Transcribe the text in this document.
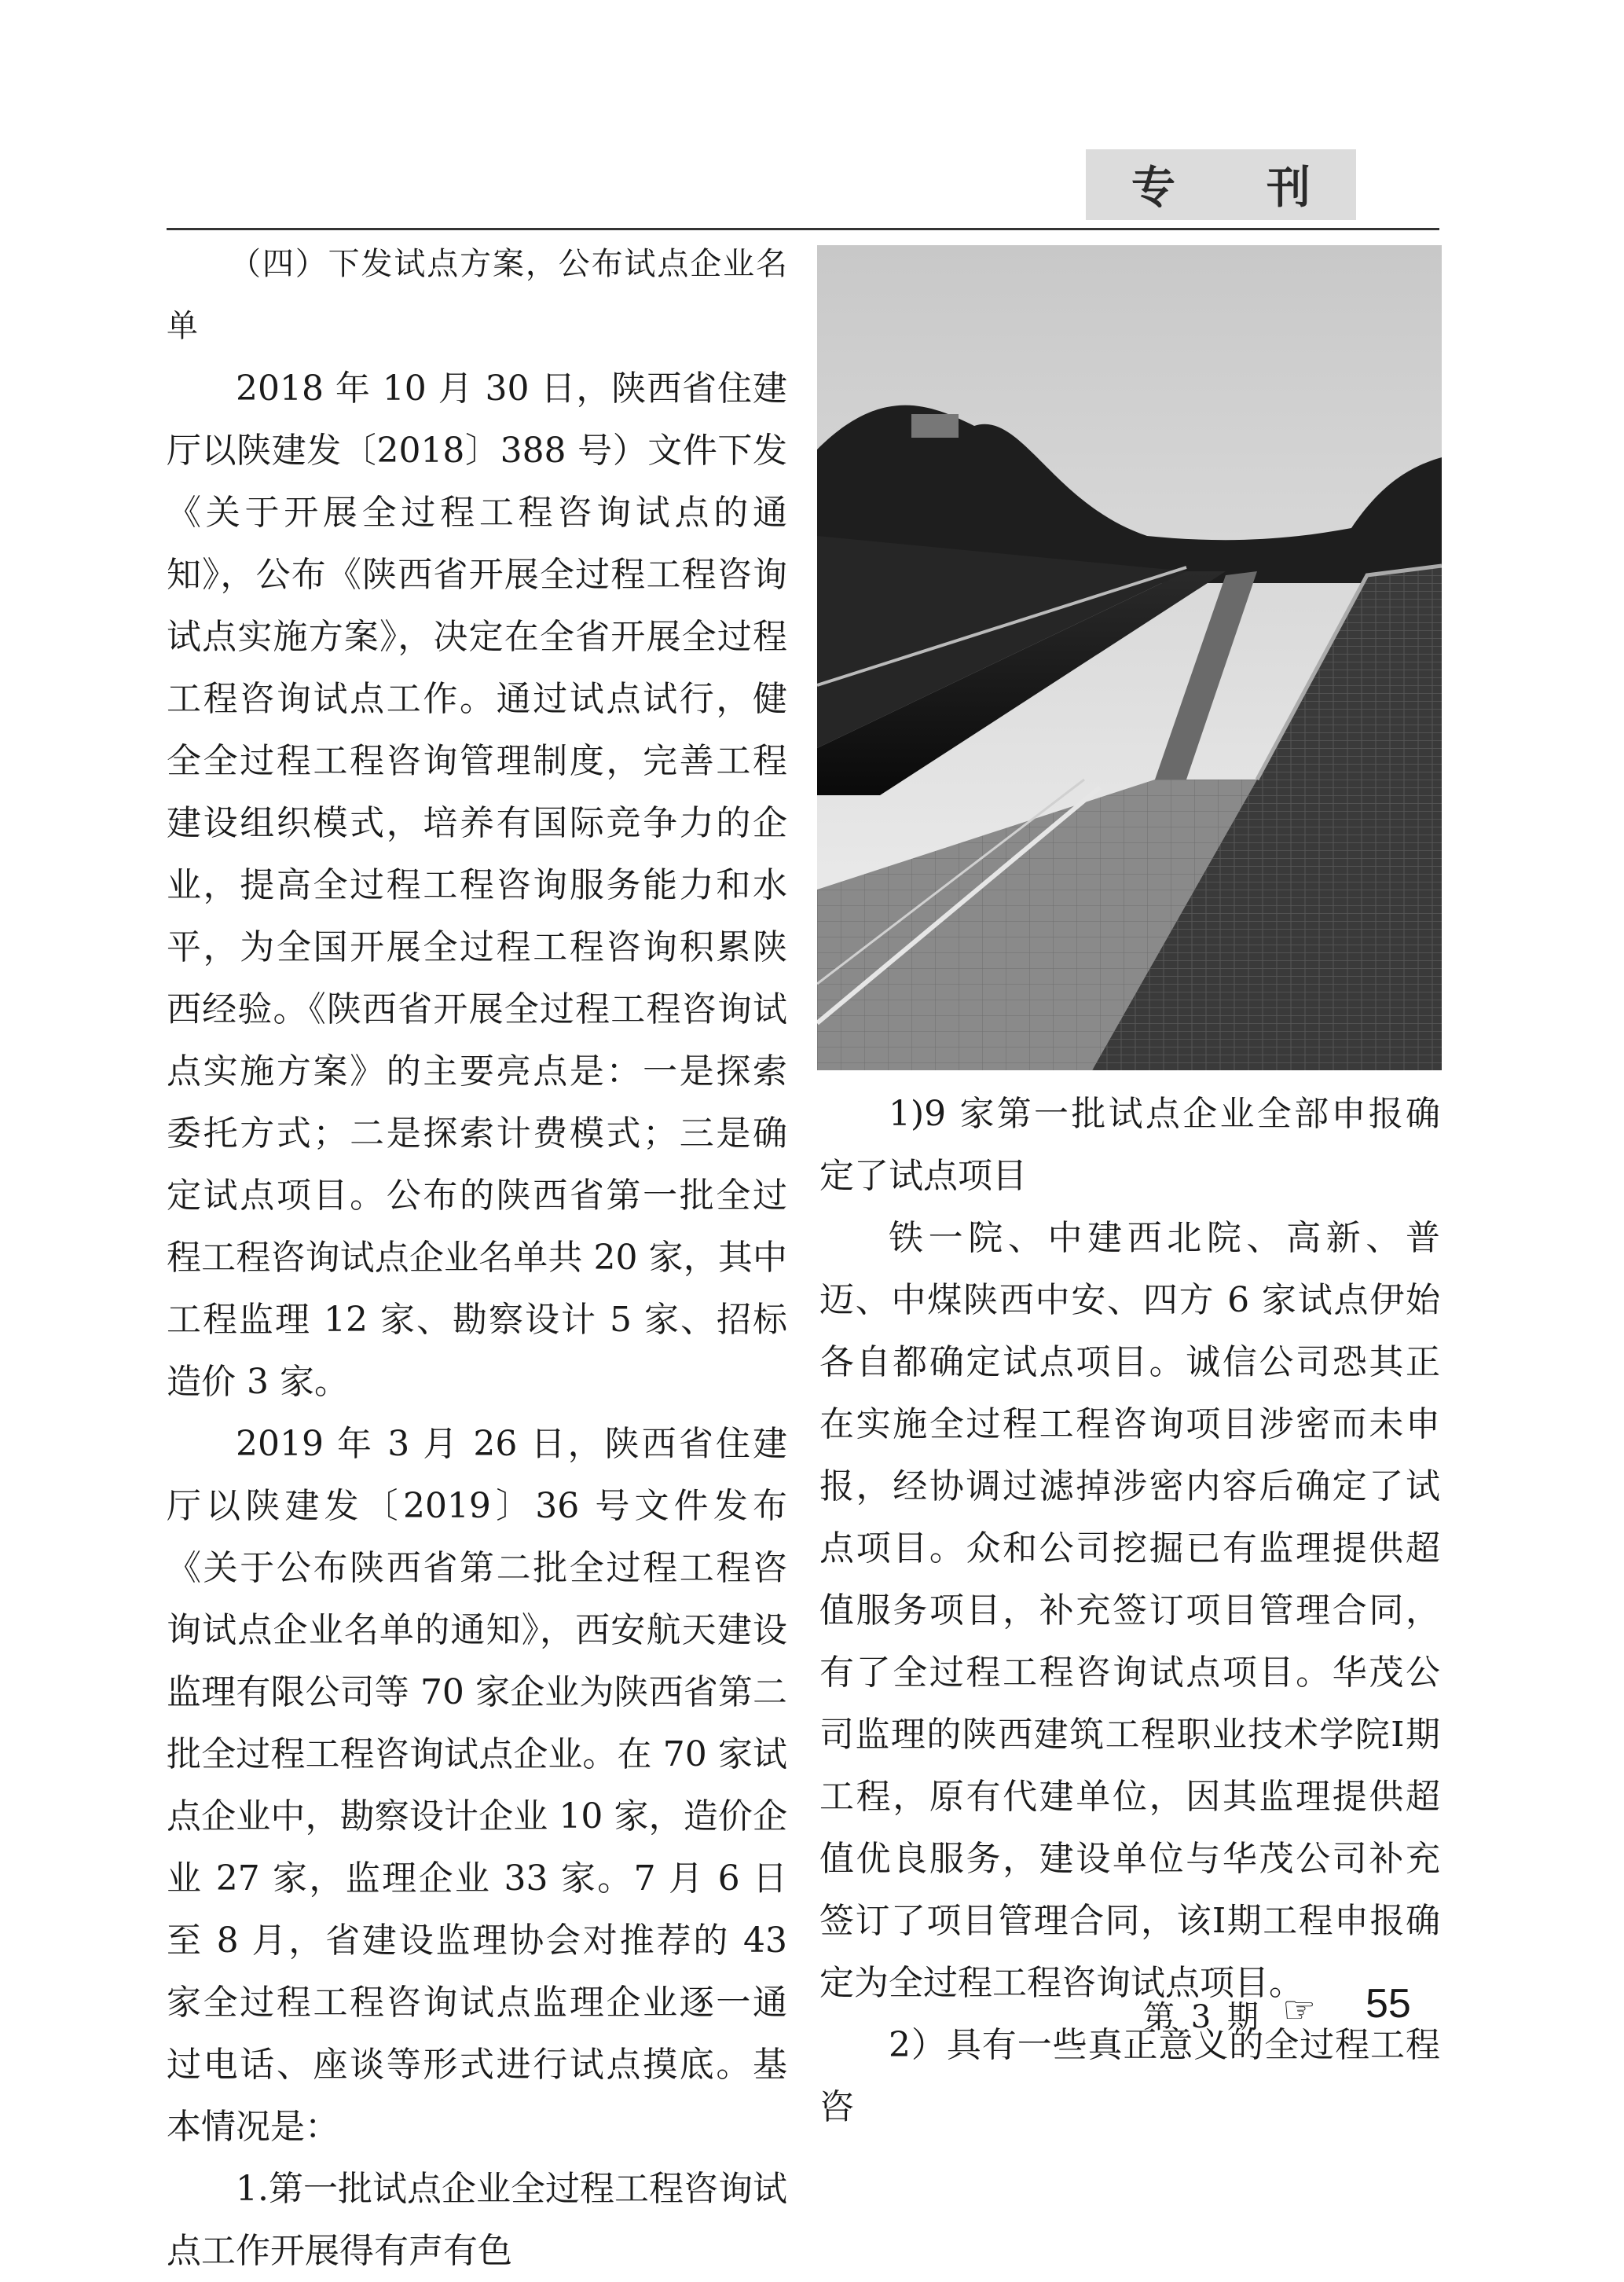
专 刊

（四）下发试点方案，公布试点企业名单

2018 年 10 月 30 日，陕西省住建厅以陕建发〔2018〕388 号）文件下发《关于开展全过程工程咨询试点的通知》，公布《陕西省开展全过程工程咨询试点实施方案》，决定在全省开展全过程工程咨询试点工作。通过试点试行，健全全过程工程咨询管理制度，完善工程建设组织模式，培养有国际竞争力的企业，提高全过程工程咨询服务能力和水平，为全国开展全过程工程咨询积累陕西经验。《陕西省开展全过程工程咨询试点实施方案》的主要亮点是：一是探索委托方式；二是探索计费模式；三是确定试点项目。公布的陕西省第一批全过程工程咨询试点企业名单共 20 家，其中工程监理 12 家、勘察设计 5 家、招标造价 3 家。

2019 年 3 月 26 日，陕西省住建厅以陕建发〔2019〕36 号文件发布《关于公布陕西省第二批全过程工程咨询试点企业名单的通知》，西安航天建设监理有限公司等 70 家企业为陕西省第二批全过程工程咨询试点企业。在 70 家试点企业中，勘察设计企业 10 家，造价企业 27 家，监理企业 33 家。7 月 6 日至 8 月，省建设监理协会对推荐的 43 家全过程工程咨询试点监理企业逐一通过电话、座谈等形式进行试点摸底。基本情况是：

1.第一批试点企业全过程工程咨询试点工作开展得有声有色

1)9 家第一批试点企业全部申报确定了试点项目

铁一院、中建西北院、高新、普迈、中煤陕西中安、四方 6 家试点伊始各自都确定试点项目。诚信公司恐其正在实施全过程工程咨询项目涉密而未申报，经协调过滤掉涉密内容后确定了试点项目。众和公司挖掘已有监理提供超值服务项目，补充签订项目管理合同，有了全过程工程咨询试点项目。华茂公司监理的陕西建筑工程职业技术学院Ⅰ期工程，原有代建单位，因其监理提供超值优良服务，建设单位与华茂公司补充签订了项目管理合同，该Ⅰ期工程申报确定为全过程工程咨询试点项目。

2）具有一些真正意义的全过程工程咨

第 3 期 ☞ 55
